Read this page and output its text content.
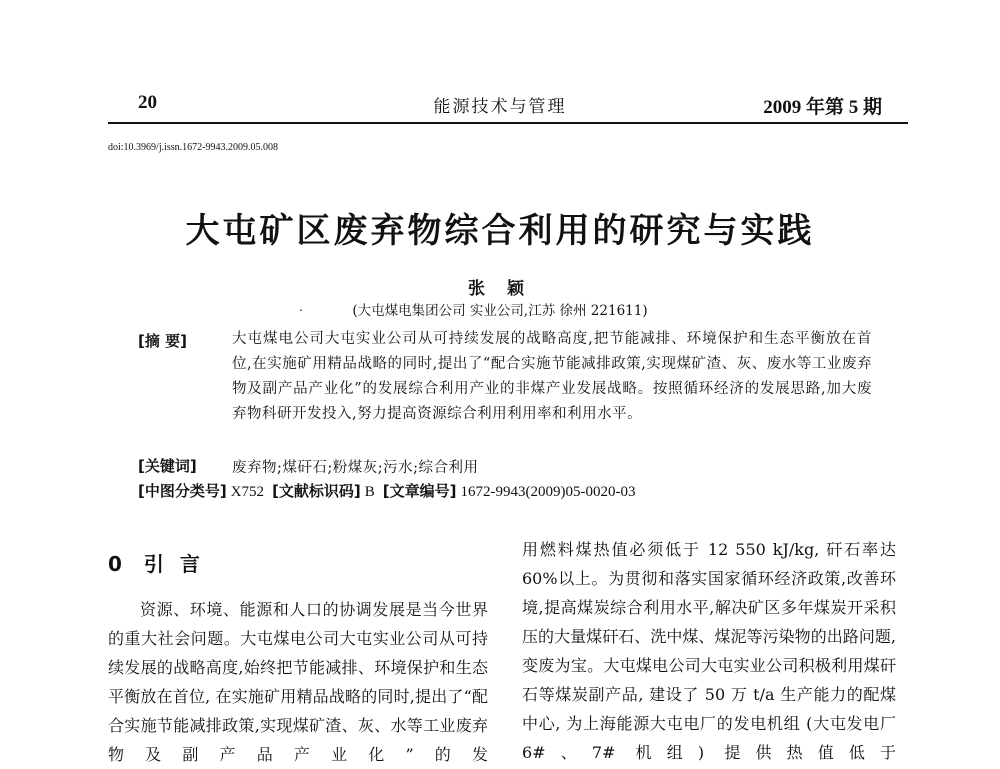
20	能源技术与管理	2009 年第 5 期
doi:10.3969/j.issn.1672-9943.2009.05.008
大屯矿区废弃物综合利用的研究与实践
张 颖
.	(大屯煤电集团公司 实业公司,江苏 徐州 221611)
[摘 要]	大屯煤电公司大屯实业公司从可持续发展的战略高度,把节能减排、环境保护和生态平衡放在首位,在实施矿用精品战略的同时,提出了“配合实施节能减排政策,实现煤矿渣、灰、废水等工业废弃物及副产品产业化”的发展综合利用产业的非煤产业发展战略。按照循环经济的发展思路,加大废弃物科研开发投入,努力提高资源综合利用利用率和利用水平。
[关键词] 废弃物;煤矸石;粉煤灰;污水;综合利用
[中图分类号] X752 [文献标识码] B [文章编号] 1672-9943(2009)05-0020-03
0 引言
资源、环境、能源和人口的协调发展是当今世界的重大社会问题。大屯煤电公司大屯实业公司从可持续发展的战略高度,始终把节能减排、环境保护和生态平衡放在首位, 在实施矿用精品战略的同时,提出了“配合实施节能减排政策,实现煤矿渣、灰、水等工业废弃物及副产品产业化”的发
用燃料煤热值必须低于 12 550 kJ/kg, 矸石率达60%以上。为贯彻和落实国家循环经济政策,改善环境,提高煤炭综合利用水平,解决矿区多年煤炭开采积压的大量煤矸石、洗中煤、煤泥等污染物的出路问题,变废为宝。大屯煤电公司大屯实业公司积极利用煤矸石等煤炭副产品, 建设了 50 万 t/a 生产能力的配煤中心, 为上海能源大屯电厂的发电机组 (大屯发电厂 6#、7# 机组) 提供热值低于
